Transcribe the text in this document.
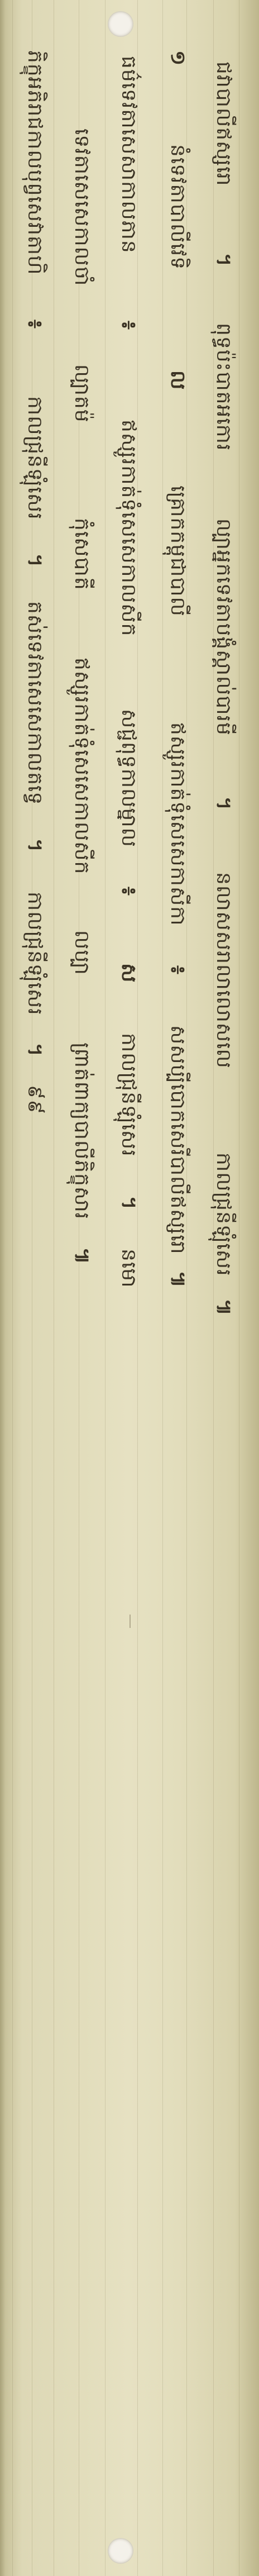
ជវាបាលីឥស្សរោ។ពុទ្ធប៉ះបាតអកោរល្បាអ្នកទេវតាបង្គំស្គាល់បារមី។នលាសសរាលាលោសលេកាលជ្រុនីឡុំសេរ៕
១នំទេវតាបាលីវេទិលគ្រោកកម្ពុជាបាលីឥស្សូរកាត់ទុំសេសេកាសីកា៖សសប្បីបោកសេរីបាលីឥស្សរោ៕
ធម៌ទេវតាសេសាកាលភាន៖ឥស្សូរកាត់ទុំសេសេកាលសីកសជ្ជពុទ្ធកាលម្នាល៖សកាលជ្រុនីឡុំសេរ។នមោ
ទេវតាសេសេកាលចាំល្បាតម៉កុំសេបាតីឥស្សូរកាត់ទុំសេសេកាលសីកលប្បាព្រាត់ពាក្យបាលីភិក្ខុសារ៕
ភិក្ខុអភិរាជកាលបុព្វសេវាតាហិ៖កាលជ្រុនីឡុំសេរ។តស់ទេវតាសេសេកាលតទ្វេ។កាលជ្រុនីឡុំសេរ។៩៩
